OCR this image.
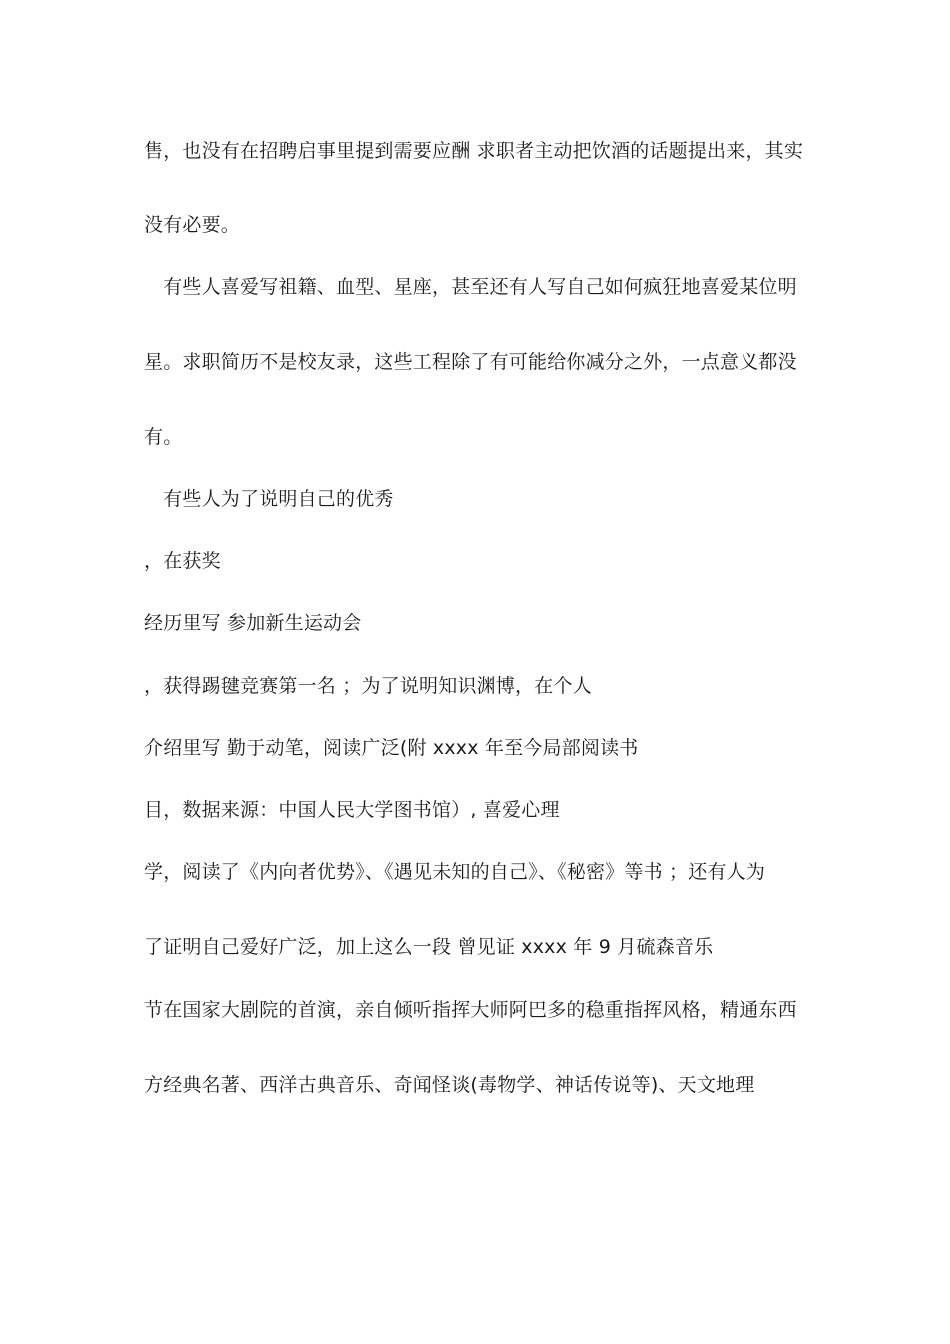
售，也没有在招聘启事里提到需要应酬 求职者主动把饮酒的话题提出来，其实
没有必要。
　有些人喜爱写祖籍、血型、星座，甚至还有人写自己如何疯狂地喜爱某位明
星。求职简历不是校友录，这些工程除了有可能给你减分之外，一点意义都没
有。
　有些人为了说明自己的优秀
，在获奖
经历里写 参加新生运动会
，获得踢毽竞赛第一名 ；为了说明知识渊博，在个人
介绍里写 勤于动笔，阅读广泛(附 xxxx 年至今局部阅读书
目，数据来源：中国人民大学图书馆）, 喜爱心理
学，阅读了《内向者优势》、《遇见未知的自己》、《秘密》等书 ；还有人为
了证明自己爱好广泛，加上这么一段 曾见证 xxxx 年 9 月硫森音乐
节在国家大剧院的首演，亲自倾听指挥大师阿巴多的稳重指挥风格，精通东西
方经典名著、西洋古典音乐、奇闻怪谈(毒物学、神话传说等)、天文地理
